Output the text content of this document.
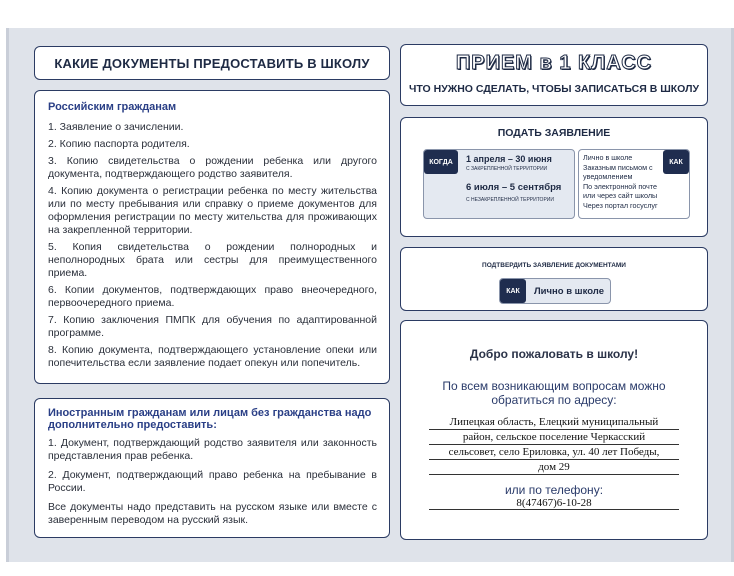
КАКИЕ ДОКУМЕНТЫ ПРЕДОСТАВИТЬ В ШКОЛУ
Российским гражданам
1. Заявление о зачислении.
2. Копию паспорта родителя.
3. Копию свидетельства о рождении ребенка или другого документа, подтверждающего родство заявителя.
4. Копию документа о регистрации ребенка по месту жительства или по месту пребывания или справку о приеме документов для оформления регистрации по месту жительства для проживающих на закрепленной территории.
5. Копия свидетельства о рождении полнородных и неполнородных брата или сестры для преимущественного приема.
6. Копии документов, подтверждающих право внеочередного, первоочередного приема.
7. Копию заключения ПМПК для обучения по адаптированной программе.
8. Копию документа, подтверждающего установление опеки или попечительства если заявление подает опекун или попечитель.
Иностранным гражданам или лицам без гражданства надо дополнительно предоставить:
1. Документ, подтверждающий родство заявителя или законность представления прав ребенка.
2. Документ, подтверждающий право ребенка на пребывание в России.
Все документы надо представить на русском языке или вместе с заверенным переводом на русский язык.
ПРИЕМ в 1 КЛАСС
ЧТО НУЖНО СДЕЛАТЬ, ЧТОБЫ ЗАПИСАТЬСЯ В ШКОЛУ
ПОДАТЬ ЗАЯВЛЕНИЕ
КОГДА	1 апреля – 30 июня
С ЗАКРЕПЛЕННОЙ ТЕРРИТОРИИ
6 июля – 5 сентября
С НЕЗАКРЕПЛЕННОЙ ТЕРРИТОРИИ
Лично в школе
Заказным письмом с уведомлением
По электронной почте или через сайт школы
Через портал госуслуг
КАК
ПОДТВЕРДИТЬ ЗАЯВЛЕНИЕ ДОКУМЕНТАМИ
КАК	Лично в школе
Добро пожаловать в школу!
По всем возникающим вопросам можно обратиться по адресу:
Липецкая область, Елецкий муниципальный
район, сельское поселение Черкасский
сельсовет, село Ериловка, ул. 40 лет Победы,
дом 29
или по телефону:
8(47467)6-10-28
